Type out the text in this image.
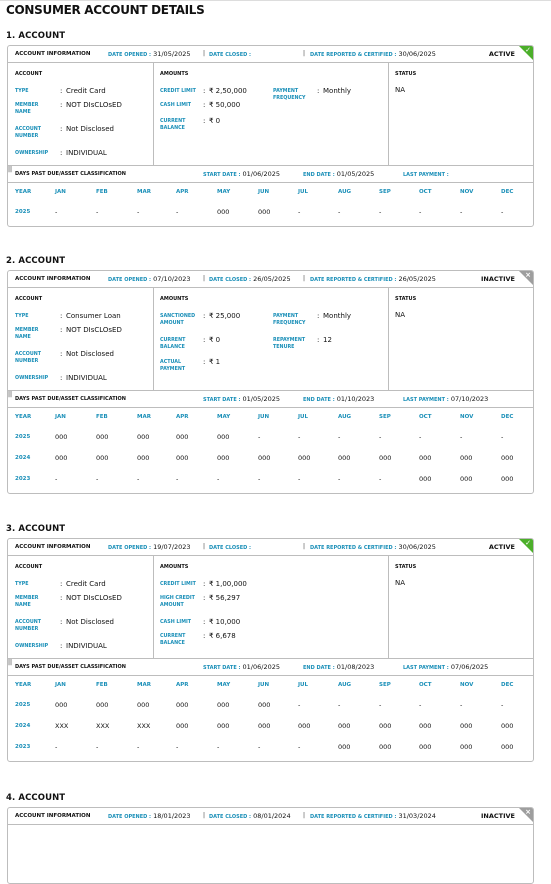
CONSUMER ACCOUNT DETAILS
1. ACCOUNT
ACCOUNT INFORMATION	DATE OPENED : 31/05/2025 | DATE CLOSED :	| DATE REPORTED & CERTIFIED : 30/06/2025	ACTIVE ✓
ACCOUNT
TYPE	: Credit Card
MEMBER NAME
: NOT DIsCLOsED
ACCOUNT NUMBER
: Not Disclosed
OWNERSHIP	: INDIVIDUAL
AMOUNTS
CREDIT LIMIT	: ₹ 2,50,000
CASH LIMIT	: ₹ 50,000
CURRENT BALANCE
: ₹ 0
PAYMENT FREQUENCY
: Monthly
STATUS
NA
DAYS PAST DUE/ASSET CLASSIFICATION	START DATE : 01/06/2025
|
END DATE : 01/05/2025
|
LAST PAYMENT :
YEAR	JAN	FEB	MAR	APR	MAY	JUN	JUL	AUG	SEP	OCT	NOV	DEC
2025	-	-	-	-	000	000	-	-	-	-	-	-
2. ACCOUNT
ACCOUNT INFORMATION	DATE OPENED : 07/10/2023 | DATE CLOSED : 26/05/2025 | DATE REPORTED & CERTIFIED : 26/05/2025	INACTIVE ×
ACCOUNT
TYPE	: Consumer Loan
MEMBER NAME
: NOT DIsCLOsED
ACCOUNT NUMBER
: Not Disclosed
OWNERSHIP	: INDIVIDUAL
AMOUNTS
SANCTIONED AMOUNT
: ₹ 25,000
CURRENT BALANCE
: ₹ 0
ACTUAL PAYMENT
: ₹ 1
PAYMENT FREQUENCY
: Monthly
REPAYMENT TENURE
: 12
STATUS
NA
DAYS PAST DUE/ASSET CLASSIFICATION	START DATE : 01/05/2025
|
END DATE : 01/10/2023
|
LAST PAYMENT : 07/10/2023
YEAR	JAN	FEB	MAR	APR	MAY	JUN	JUL	AUG	SEP	OCT	NOV	DEC
2025	000	000	000	000	000	-	-	-	-	-	-	-
2024	000	000	000	000	000	000	000	000	000	000	000	000
2023	-	-	-	-	-	-	-	-	-	000	000	000
3. ACCOUNT
ACCOUNT INFORMATION	DATE OPENED : 19/07/2023 | DATE CLOSED :	| DATE REPORTED & CERTIFIED : 30/06/2025	ACTIVE ✓
ACCOUNT
TYPE	: Credit Card
MEMBER NAME
: NOT DIsCLOsED
ACCOUNT NUMBER
: Not Disclosed
OWNERSHIP	: INDIVIDUAL
AMOUNTS
CREDIT LIMIT	: ₹ 1,00,000
HIGH CREDIT AMOUNT
: ₹ 56,297
CASH LIMIT	: ₹ 10,000
CURRENT BALANCE
: ₹ 6,678
STATUS
NA
DAYS PAST DUE/ASSET CLASSIFICATION	START DATE : 01/06/2025
|
END DATE : 01/08/2023
|
LAST PAYMENT : 07/06/2025
YEAR	JAN	FEB	MAR	APR	MAY	JUN	JUL	AUG	SEP	OCT	NOV	DEC
2025	000	000	000	000	000	000	-	-	-	-	-	-
2024	XXX	XXX	XXX	000	000	000	000	000	000	000	000	000
2023	-	-	-	-	-	-	-	000	000	000	000	000
4. ACCOUNT
ACCOUNT INFORMATION	DATE OPENED : 18/01/2023 | DATE CLOSED : 08/01/2024 | DATE REPORTED & CERTIFIED : 31/03/2024	INACTIVE ×
